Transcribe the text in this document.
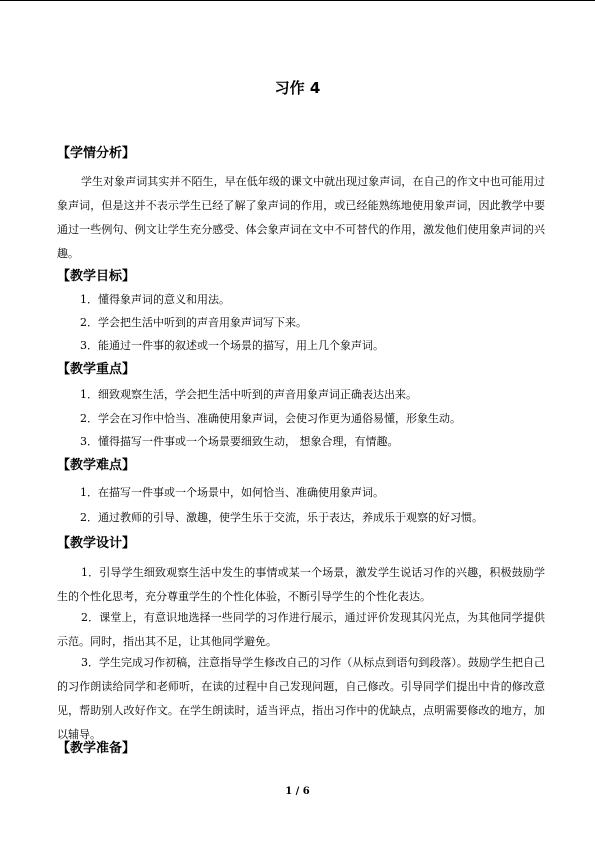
习作 4
【学情分析】

学生对象声词其实并不陌生，早在低年级的课文中就出现过象声词，在自己的作文中也可能用过象声词，但是这并不表示学生已经了解了象声词的作用，或已经能熟练地使用象声词，因此教学中要通过一些例句、例文让学生充分感受、体会象声词在文中不可替代的作用，激发他们使用象声词的兴趣。

【教学目标】
1．懂得象声词的意义和用法。
2．学会把生活中听到的声音用象声词写下来。
3．能通过一件事的叙述或一个场景的描写，用上几个象声词。
【教学重点】
1．细致观察生活，学会把生活中听到的声音用象声词正确表达出来。
2．学会在习作中恰当、准确使用象声词，会使习作更为通俗易懂，形象生动。
3．懂得描写一件事或一个场景要细致生动， 想象合理，有情趣。
【教学难点】
1．在描写一件事或一个场景中，如何恰当、准确使用象声词。
2．通过教师的引导、激趣，使学生乐于交流，乐于表达，养成乐于观察的好习惯。
【教学设计】

1．引导学生细致观察生活中发生的事情或某一个场景，激发学生说话习作的兴趣，积极鼓励学生的个性化思考，充分尊重学生的个性化体验，不断引导学生的个性化表达。

2．课堂上，有意识地选择一些同学的习作进行展示，通过评价发现其闪光点，为其他同学提供示范。同时，指出其不足，让其他同学避免。

3．学生完成习作初稿，注意指导学生修改自己的习作（从标点到语句到段落）。鼓励学生把自己的习作朗读给同学和老师听，在读的过程中自己发现问题，自己修改。引导同学们提出中肯的修改意见，帮助别人改好作文。在学生朗读时，适当评点，指出习作中的优缺点，点明需要修改的地方，加以辅导。

【教学准备】
1 / 6
